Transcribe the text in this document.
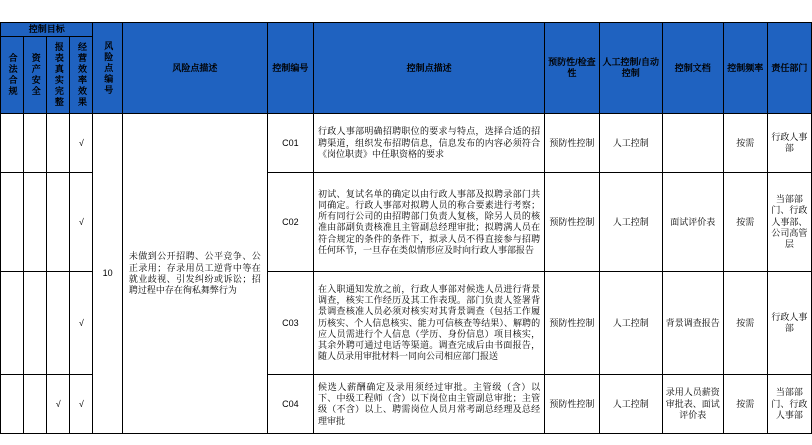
控制目标				风险点编号	风险点描述	控制编号	控制点描述	预防性/检查性	人工控制/自动控制	控制文档	控制频率	责任部门

合法合规	资产安全	报表真实完整	经营效率效果									

			√	10	未做到公开招聘、公平竞争、公正录用；存录用员工逆背中等在就业歧视、引发纠纷或诉讼；招聘过程中存在徇私舞弊行为	C01	行政人事部明确招聘职位的要求与特点，选择合适的招聘渠道，组织发布招聘信息，信息发布的内容必须符合《岗位职责》中任职资格的要求	预防性控制	人工控制		按需	行政人事部
			√			C02	初试、复试名单的确定以由行政人事部及拟聘录部门共同确定。行政人事部对拟聘人员的称合要素进行考察；所有同行公司的由招聘部门负责人复核，除另人员的核准由部副负责核准且主管副总经理审批；拟聘满人员在符合规定的条件的条件下，拟录人员不得直接参与招聘任何环节，一旦存在类似情形应及时向行政人事部报告	预防性控制	人工控制	面试评价表	按需	当部部门、行政人事部、公司高管层
			√			C03	在入职通知发放之前，行政人事部对候选人员进行背景调查，核实工作经历及其工作表现。部门负责人签署背景调查核准人员必须对核实对其背景调查（包括工作履历核实、个人信息核实、能力可信核查等结果）、解聘的应人员需进行个人信息（学历、身份信息）项目核实，其余外聘可通过电话等渠道。调查完成后由书面报告，随人员录用审批材料一同向公司相应部门报送	预防性控制	人工控制	背景调查报告	按需	行政人事部
		√	√			C04	候选人薪酬确定及录用须经过审批。主管级（含）以下、中级工程师（含）以下岗位由主管副总审批；主管级（不含）以上、聘需岗位人员月常考副总经理及总经理审批	预防性控制	人工控制	录用人员薪资审批表、面试评价表	按需	当部部门、行政人事部
